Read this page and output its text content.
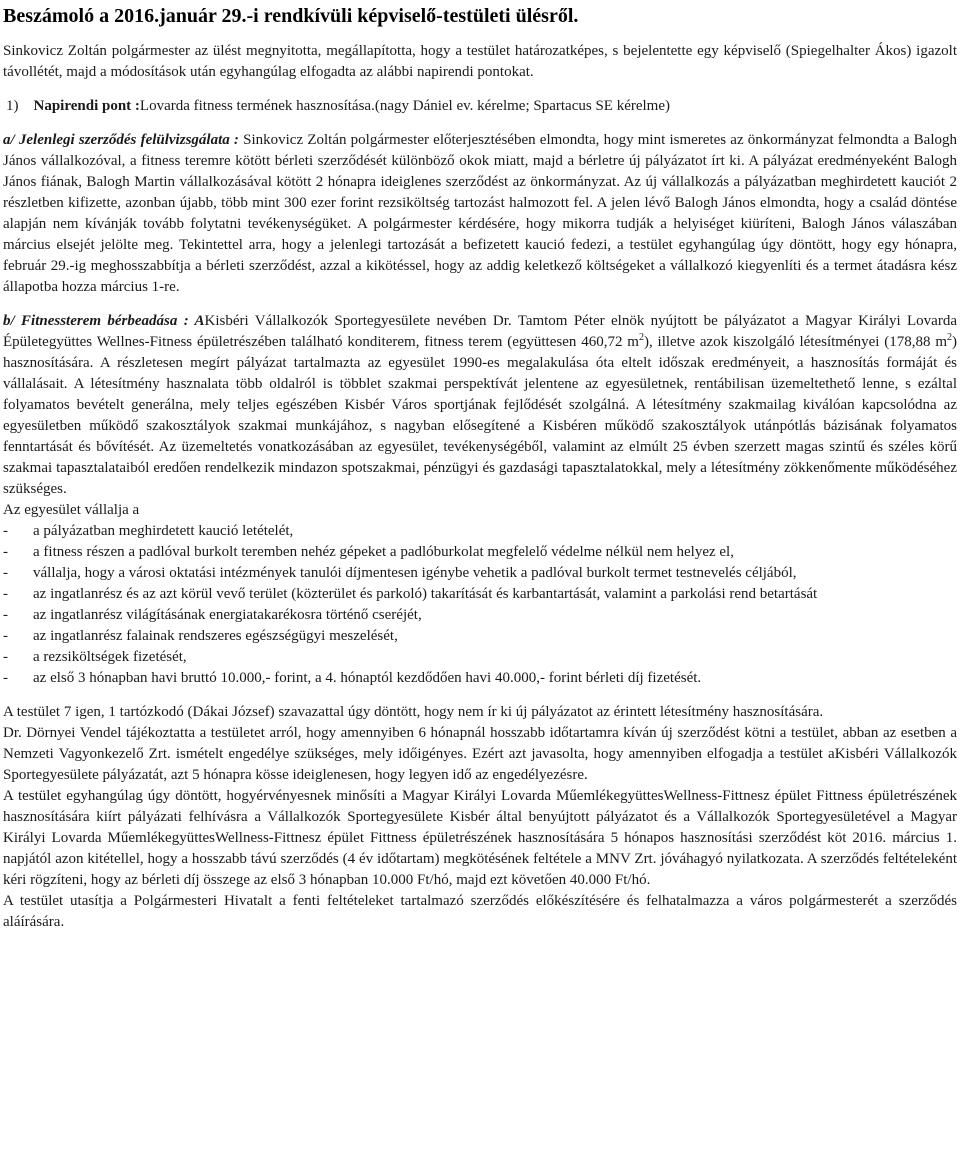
Beszámoló a 2016.január 29.-i rendkívüli képviselő-testületi ülésről.

Sinkovicz Zoltán polgármester az ülést megnyitotta, megállapította, hogy a testület határozatképes, s bejelentette egy képviselő (Spiegelhalter Ákos) igazolt távollétét, majd a módosítások után egyhangúlag elfogadta az alábbi napirendi pontokat.

1) Napirendi pont :Lovarda fitness termének hasznosítása.(nagy Dániel ev. kérelme; Spartacus SE kérelme)

a/ Jelenlegi szerződés felülvizsgálata : Sinkovicz Zoltán polgármester előterjesztésében elmondta, hogy mint ismeretes az önkormányzat felmondta a Balogh János vállalkozóval, a fitness teremre kötött bérleti szerződését különböző okok miatt, majd a bérletre új pályázatot írt ki. A pályázat eredményeként Balogh János fiának, Balogh Martin vállalkozásával kötött 2 hónapra ideiglenes szerződést az önkormányzat. Az új vállalkozás a pályázatban meghirdetett kauciót 2 részletben kifizette, azonban újabb, több mint 300 ezer forint rezsiköltség tartozást halmozott fel. A jelen lévő Balogh János elmondta, hogy a család döntése alapján nem kívánják tovább folytatni tevékenységüket. A polgármester kérdésére, hogy mikorra tudják a helyiséget kiüríteni, Balogh János válaszában március elsejét jelölte meg. Tekintettel arra, hogy a jelenlegi tartozását a befizetett kaució fedezi, a testület egyhangúlag úgy döntött, hogy egy hónapra, február 29.-ig meghosszabbítja a bérleti szerződést, azzal a kikötéssel, hogy az addig keletkező költségeket a vállalkozó kiegyenlíti és a termet átadásra kész állapotba hozza március 1-re.

b/ Fitnessterem bérbeadása : AKisbéri Vállalkozók Sportegyesülete nevében Dr. Tamtom Péter elnök nyújtott be pályázatot a Magyar Királyi Lovarda Épületegyüttes Wellnes-Fitness épületrészében található konditerem, fitness terem (együttesen 460,72 $m^2$), illetve azok kiszolgáló létesítményei (178,88 $m^2$) hasznosítására. A részletesen megírt pályázat tartalmazta az egyesület 1990-es megalakulása óta eltelt időszak eredményeit, a hasznosítás formáját és vállalásait. A létesítmény hasznalata több oldalról is többlet szakmai perspektívát jelentene az egyesületnek, rentábilisan üzemeltethető lenne, s ezáltal folyamatos bevételt generálna, mely teljes egészében Kisbér Város sportjának fejlődését szolgálná. A létesítmény szakmailag kiválóan kapcsolódna az egyesületben működő szakosztályok szakmai munkájához, s nagyban elősegítené a Kisbéren működő szakosztályok utánpótlás bázisának folyamatos fenntartását és bővítését. Az üzemeltetés vonatkozásában az egyesület, tevékenységéből, valamint az elmúlt 25 évben szerzett magas szintű és széles körű szakmai tapasztalataiból eredően rendelkezik mindazon spotszakmai, pénzügyi és gazdasági tapasztalatokkal, mely a létesítmény zökkenőmente működéséhez szükséges.

Az egyesület vállalja a

-	a pályázatban meghirdetett kaució letételét,
-	a fitness részen a padlóval burkolt teremben nehéz gépeket a padlóburkolat megfelelő védelme nélkül nem helyez el,
-	vállalja, hogy a városi oktatási intézmények tanulói díjmentesen igénybe vehetik a padlóval burkolt termet testnevelés céljából,
-	az ingatlanrész és az azt körül vevő terület (közterület és parkoló) takarítását és karbantartását, valamint a parkolási rend betartását
-	az ingatlanrész világításának energiatakarékosra történő cseréjét,
-	az ingatlanrész falainak rendszeres egészségügyi meszelését,
-	a rezsiköltségek fizetését,
-	az első 3 hónapban havi bruttó 10.000,- forint, a 4. hónaptól kezdődően havi 40.000,- forint bérleti díj fizetését.

A testület 7 igen, 1 tartózkodó (Dákai József) szavazattal úgy döntött, hogy nem ír ki új pályázatot az érintett létesítmény hasznosítására.

Dr. Dörnyei Vendel tájékoztatta a testületet arról, hogy amennyiben 6 hónapnál hosszabb időtartamra kíván új szerződést kötni a testület, abban az esetben a Nemzeti Vagyonkezelő Zrt. ismételt engedélye szükséges, mely időigényes. Ezért azt javasolta, hogy amennyiben elfogadja a testület aKisbéri Vállalkozók Sportegyesülete pályázatát, azt 5 hónapra kösse ideiglenesen, hogy legyen idő az engedélyezésre.

A testület egyhangúlag úgy döntött, hogyérvényesnek minősíti a Magyar Királyi Lovarda MűemlékegyüttesWellness-Fittnesz épület Fittness épületrészének hasznosítására kiírt pályázati felhívásra a Vállalkozók Sportegyesülete Kisbér által benyújtott pályázatot és a Vállalkozók Sportegyesületével a Magyar Királyi Lovarda MűemlékegyüttesWellness-Fittnesz épület Fittness épületrészének hasznosítására 5 hónapos hasznosítási szerződést köt 2016. március 1. napjától azon kitétellel, hogy a hosszabb távú szerződés (4 év időtartam) megkötésének feltétele a MNV Zrt. jóváhagyó nyilatkozata. A szerződés feltételeként kéri rögzíteni, hogy az bérleti díj összege az első 3 hónapban 10.000 Ft/hó, majd ezt követően 40.000 Ft/hó.

A testület utasítja a Polgármesteri Hivatalt a fenti feltételeket tartalmazó szerződés előkészítésére és felhatalmazza a város polgármesterét a szerződés aláírására.
